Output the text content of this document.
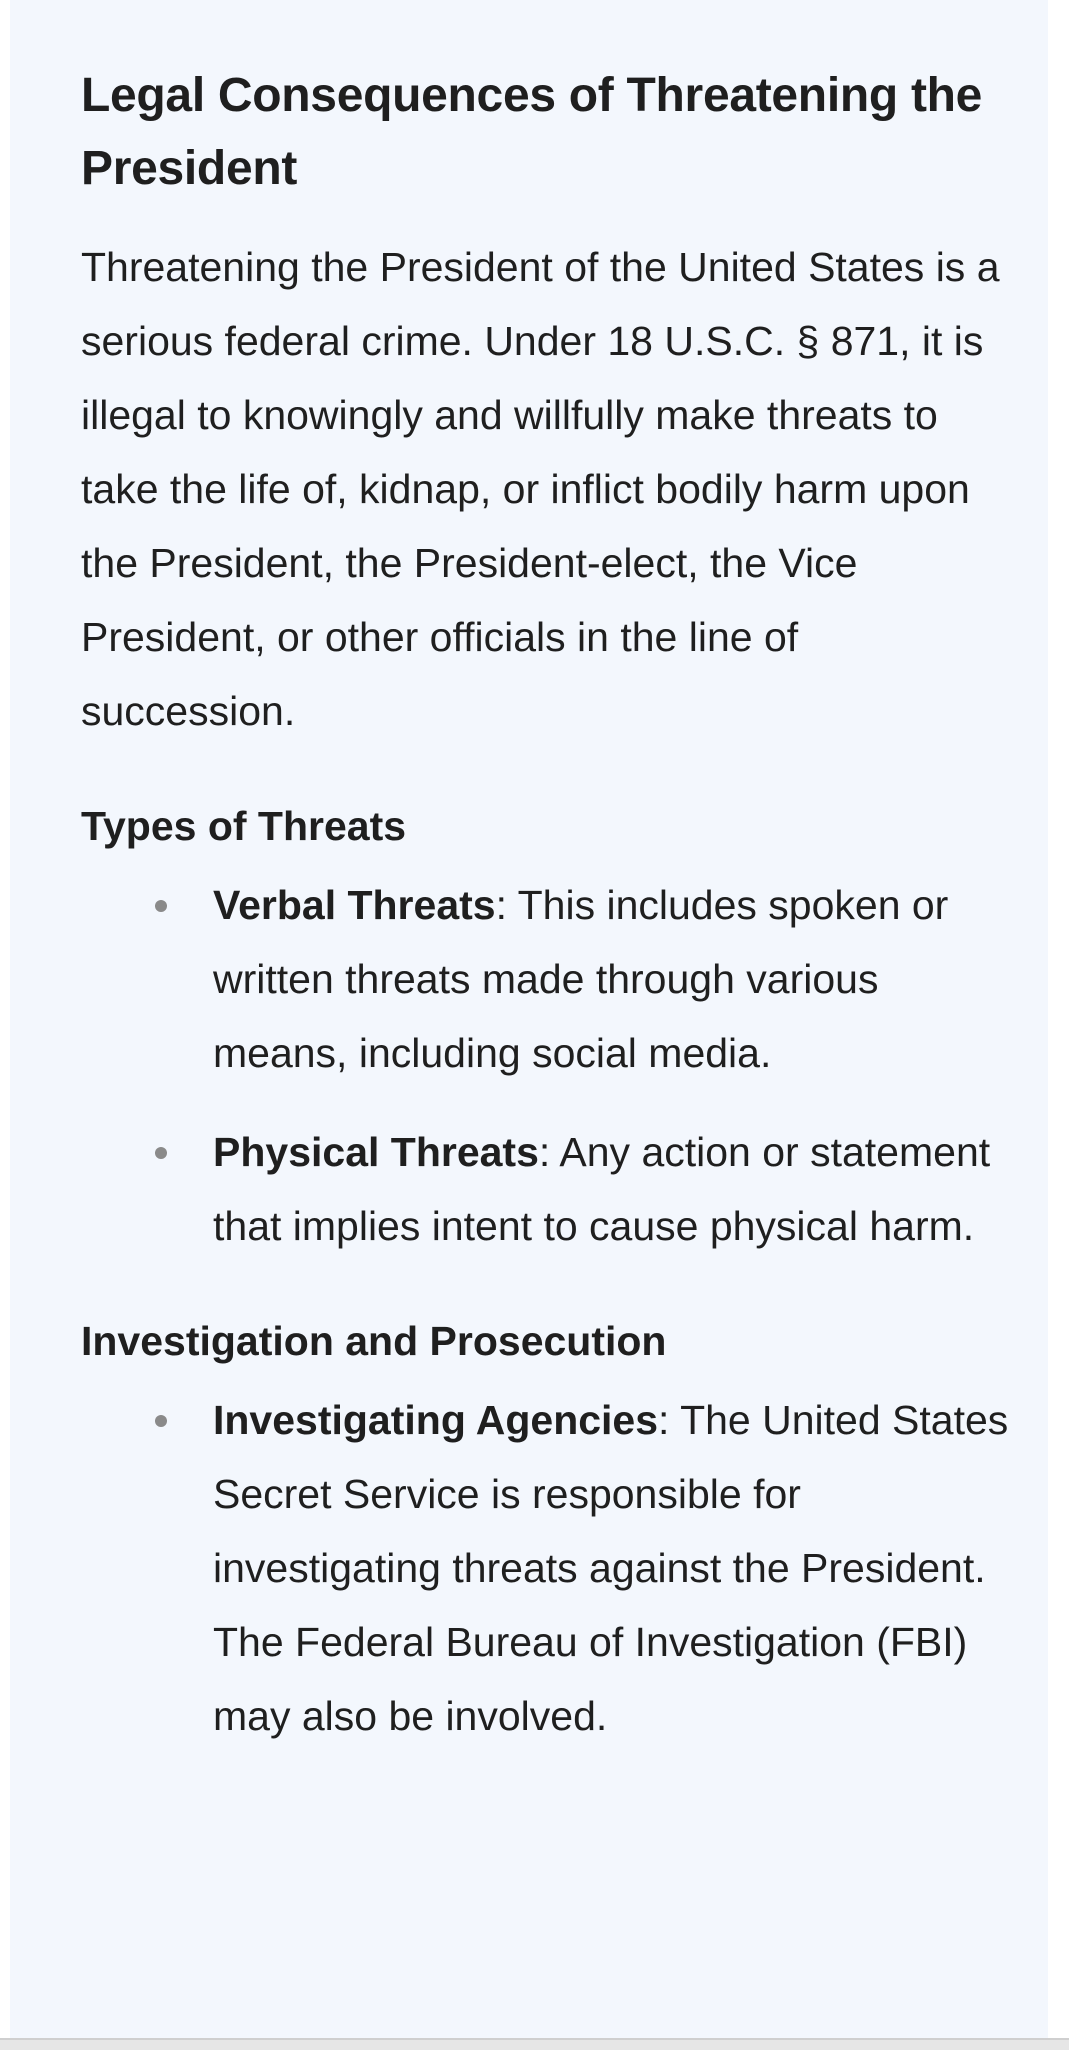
Legal Consequences of Threatening the President

Threatening the President of the United States is a serious federal crime. Under 18 U.S.C. § 871, it is illegal to knowingly and willfully make threats to take the life of, kidnap, or inflict bodily harm upon the President, the President-elect, the Vice President, or other officials in the line of succession.

Types of Threats
Verbal Threats: This includes spoken or written threats made through various means, including social media.
Physical Threats: Any action or statement that implies intent to cause physical harm.
Investigation and Prosecution
Investigating Agencies: The United States Secret Service is responsible for investigating threats against the President. The Federal Bureau of Investigation (FBI) may also be involved.
